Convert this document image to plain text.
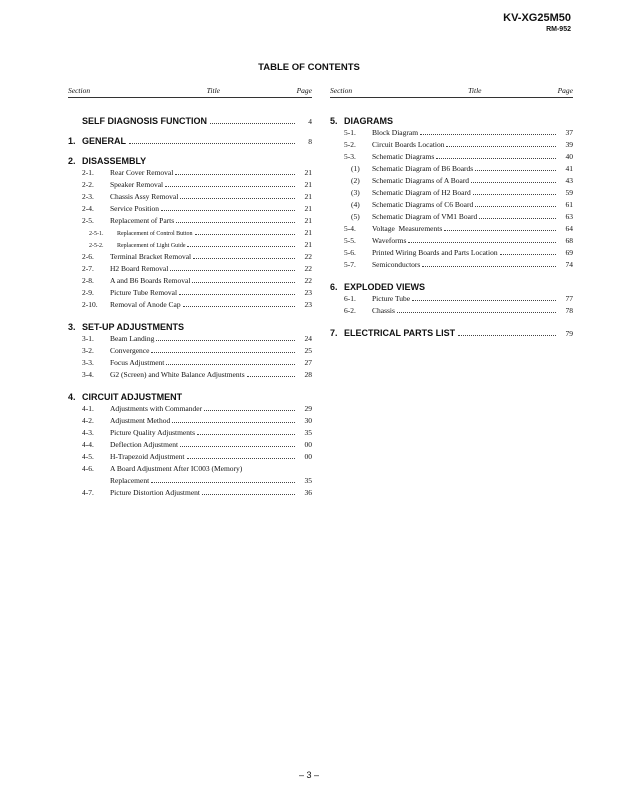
KV-XG25M50
RM-952
TABLE OF CONTENTS
Section	Title	Page
SELF DIAGNOSIS FUNCTION	4
1. GENERAL	8
2. DISASSEMBLY
2-1.	Rear Cover Removal	21
2-2.	Speaker Removal	21
2-3.	Chassis Assy Removal	21
2-4.	Service Position	21
2-5.	Replacement of Parts	21
2-5-1.	Replacement of Control Button	21
2-5-2.	Replacement of Light Guide	21
2-6.	Terminal Bracket Removal	22
2-7.	H2 Board Removal	22
2-8.	A and B6 Boards Removal	22
2-9.	Picture Tube Removal	23
2-10.	Removal of Anode Cap	23
3. SET-UP ADJUSTMENTS
3-1.	Beam Landing	24
3-2.	Convergence	25
3-3.	Focus Adjustment	27
3-4.	G2 (Screen) and White Balance Adjustments	28
4. CIRCUIT ADJUSTMENT
4-1.	Adjustments with Commander	29
4-2.	Adjustment Method	30
4-3.	Picture Quality Adjustments	35
4-4.	Deflection Adjustment	00
4-5.	H-Trapezoid Adjustment	00
4-6.	A Board Adjustment After IC003 (Memory)
Replacement	35
4-7.	Picture Distortion Adjustment	36
Section	Title	Page
5. DIAGRAMS
5-1.	Block Diagram	37
5-2.	Circuit Boards Location	39
5-3.	Schematic Diagrams	40
(1)	Schematic Diagram of B6 Boards	41
(2)	Schematic Diagrams of A Board	43
(3)	Schematic Diagram of H2 Board	59
(4)	Schematic Diagrams of C6 Board	61
(5)	Schematic Diagram of VM1 Board	63
5-4.	Voltage  Measurements	64
5-5.	Waveforms	68
5-6.	Printed Wiring Boards and Parts Location	69
5-7.	Semiconductors	74
6. EXPLODED VIEWS
6-1.	Picture Tube	77
6-2.	Chassis	78
7. ELECTRICAL PARTS LIST	79
– 3 –
